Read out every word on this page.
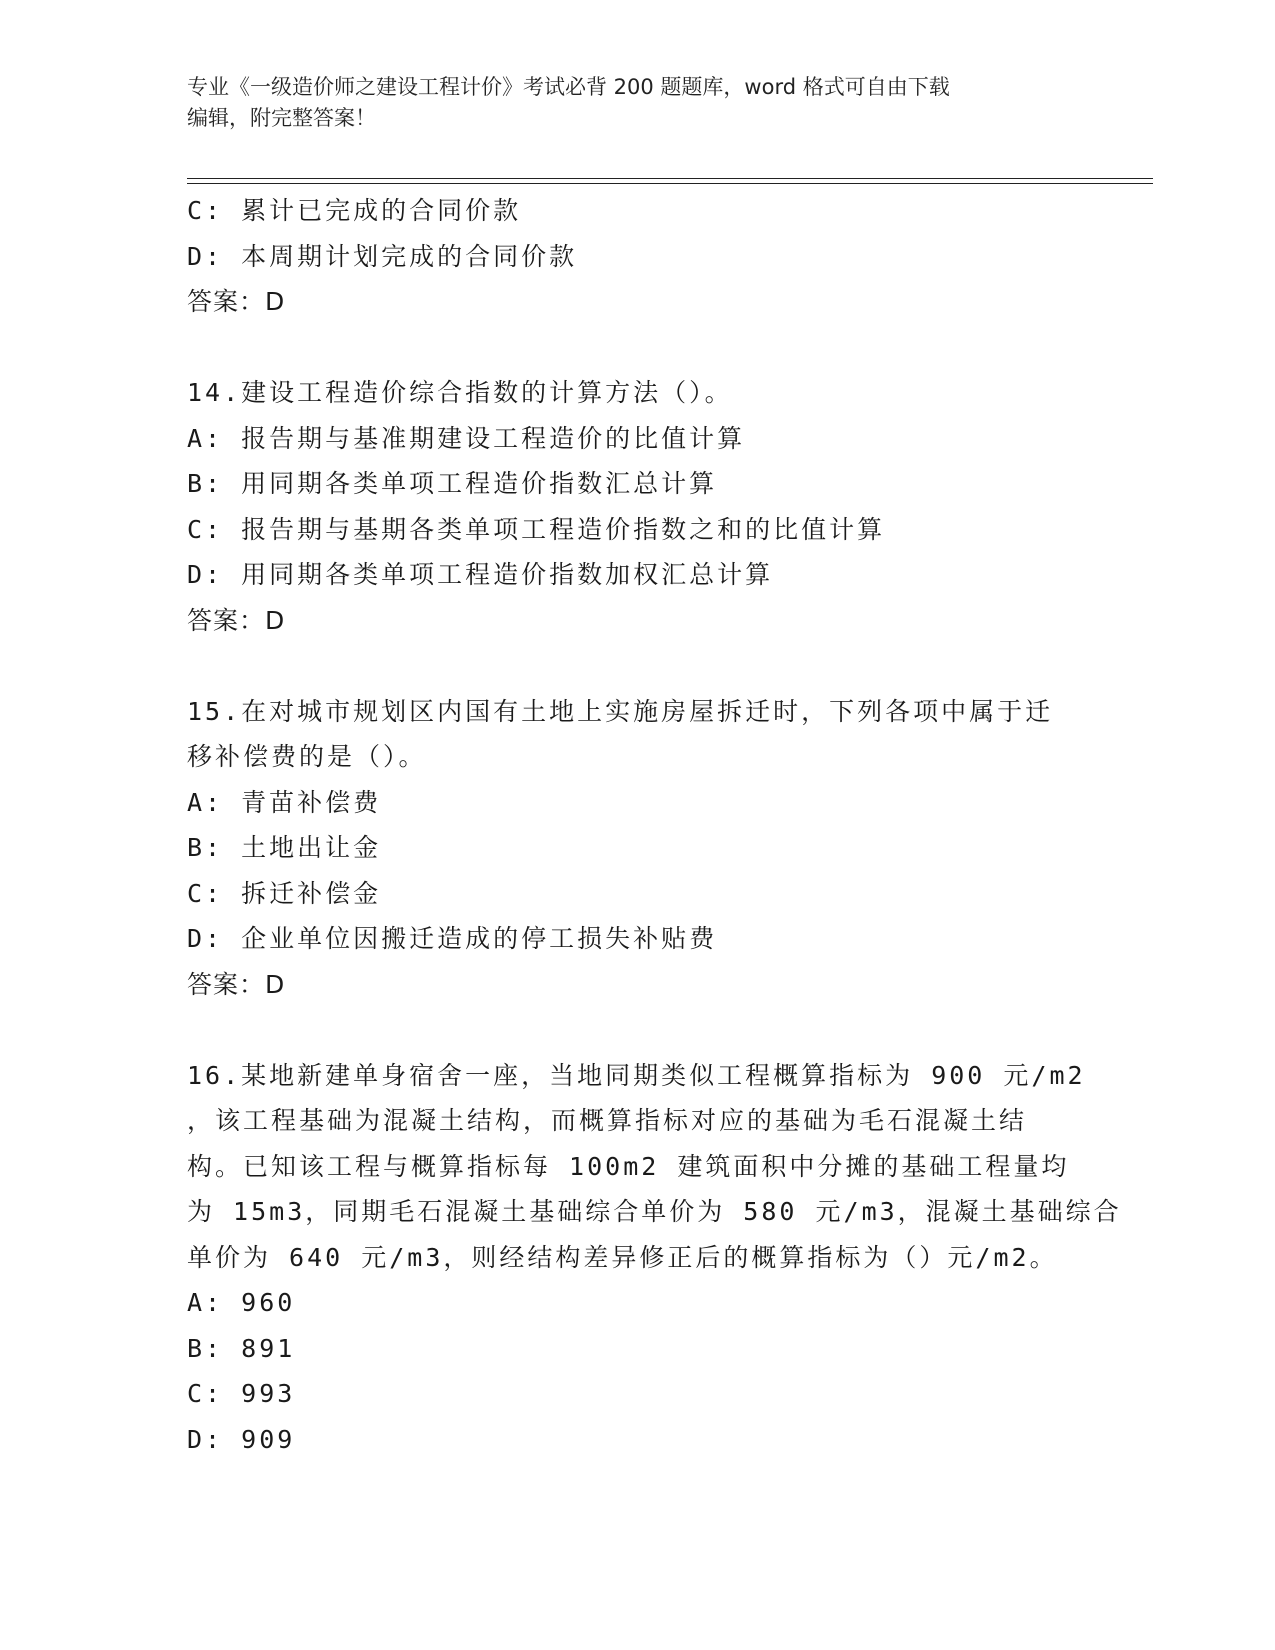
专业《一级造价师之建设工程计价》考试必背 200 题题库，word 格式可自由下载
编辑，附完整答案！
C: 累计已完成的合同价款
D: 本周期计划完成的合同价款
答案：D
14.建设工程造价综合指数的计算方法（）。
A: 报告期与基准期建设工程造价的比值计算
B: 用同期各类单项工程造价指数汇总计算
C: 报告期与基期各类单项工程造价指数之和的比值计算
D: 用同期各类单项工程造价指数加权汇总计算
答案：D
15.在对城市规划区内国有土地上实施房屋拆迁时，下列各项中属于迁
移补偿费的是（）。
A: 青苗补偿费
B: 土地出让金
C: 拆迁补偿金
D: 企业单位因搬迁造成的停工损失补贴费
答案：D
16.某地新建单身宿舍一座，当地同期类似工程概算指标为 900 元/m2
，该工程基础为混凝土结构，而概算指标对应的基础为毛石混凝土结
构。已知该工程与概算指标每 100m2 建筑面积中分摊的基础工程量均
为 15m3，同期毛石混凝土基础综合单价为 580 元/m3，混凝土基础综合
单价为 640 元/m3，则经结构差异修正后的概算指标为（）元/m2。
A: 960
B: 891
C: 993
D: 909
